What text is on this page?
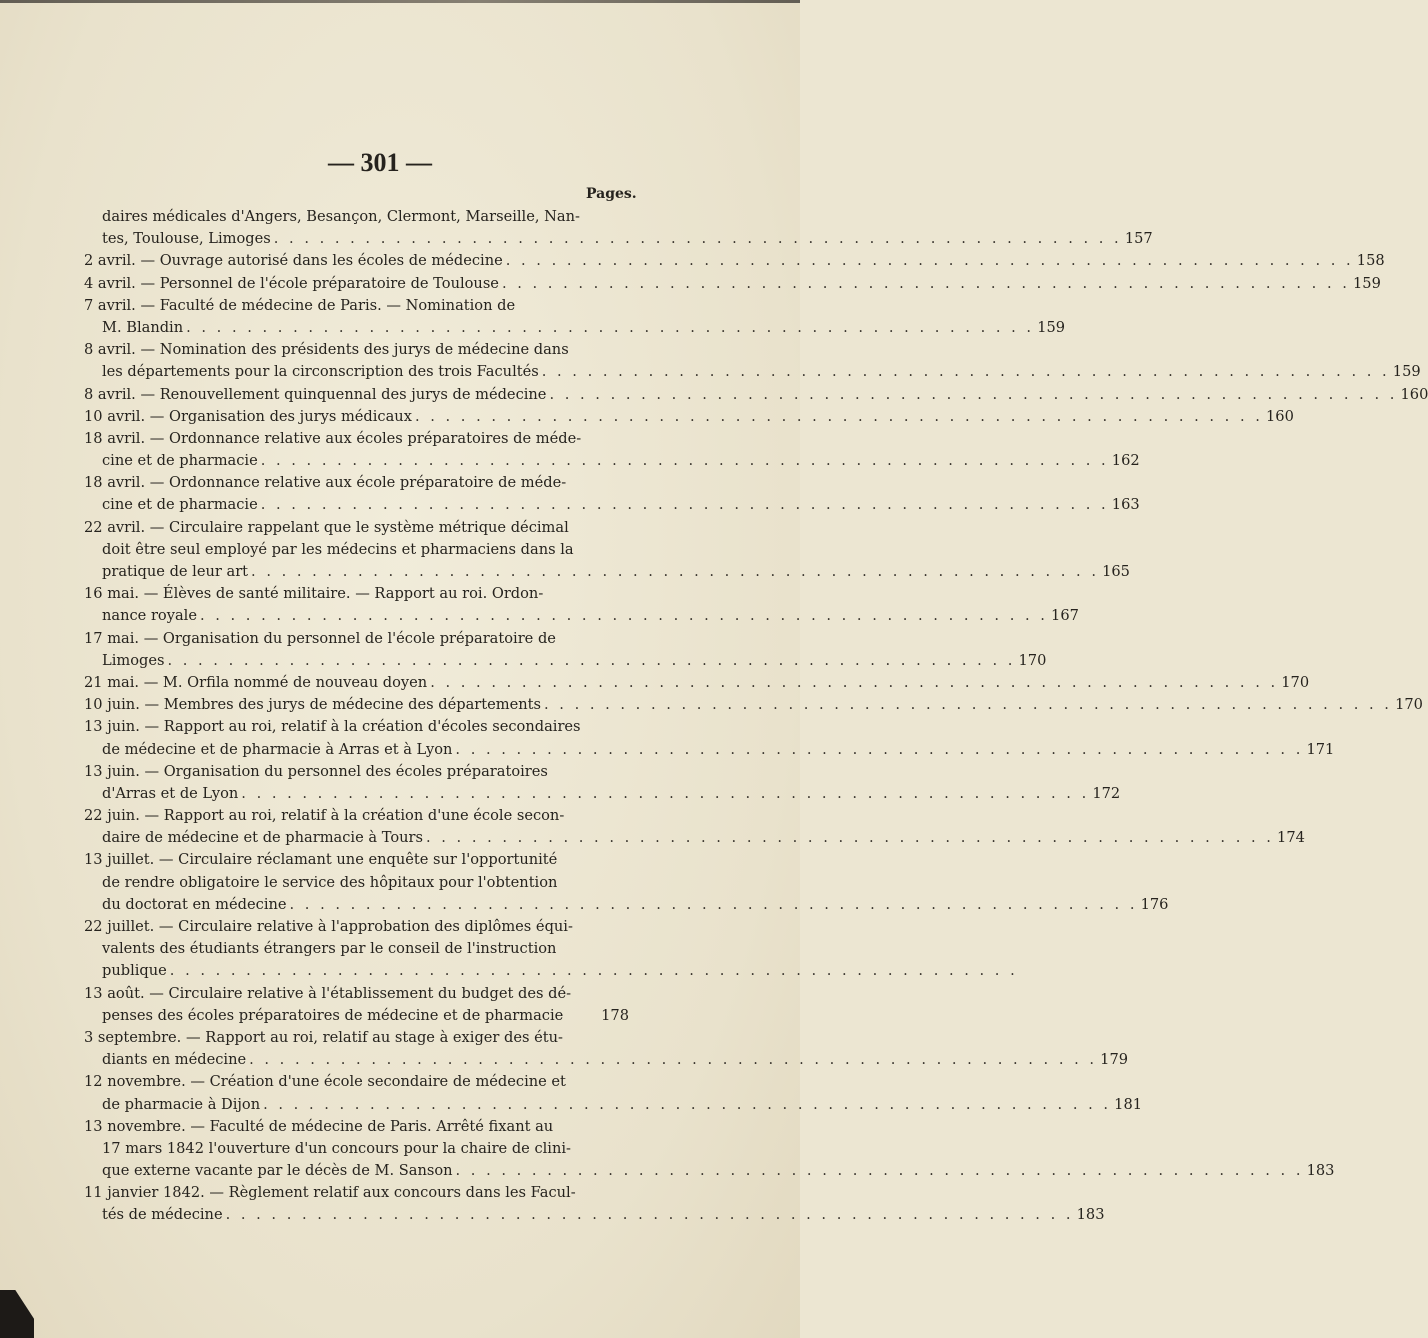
— 301 —
Pages.
daires médicales d'Angers, Besançon, Clermont, Marseille, Nan-
tes, Toulouse, Limoges . . .	157
2 avril. — Ouvrage autorisé dans les écoles de médecine . . .	158
4 avril. — Personnel de l'école préparatoire de Toulouse . . .	159
7 avril. — Faculté de médecine de Paris. — Nomination de
M. Blandin . . .	159
8 avril. — Nomination des présidents des jurys de médecine dans
les départements pour la circonscription des trois Facultés . . .	159
8 avril. — Renouvellement quinquennal des jurys de médecine . . .	160
10 avril. — Organisation des jurys médicaux . . .	160
18 avril. — Ordonnance relative aux écoles préparatoires de méde-
cine et de pharmacie . . .	162
18 avril. — Ordonnance relative aux école préparatoire de méde-
cine et de pharmacie . . .	163
22 avril. — Circulaire rappelant que le système métrique décimal
doit être seul employé par les médecins et pharmaciens dans la
pratique de leur art . . .	165
16 mai. — Élèves de santé militaire. — Rapport au roi. Ordon-
nance royale . . .	167
17 mai. — Organisation du personnel de l'école préparatoire de
Limoges . . .	170
21 mai. — M. Orfila nommé de nouveau doyen . . .	170
10 juin. — Membres des jurys de médecine des départements . . .	170
13 juin. — Rapport au roi, relatif à la création d'écoles secondaires
de médecine et de pharmacie à Arras et à Lyon . . .	171
13 juin. — Organisation du personnel des écoles préparatoires
d'Arras et de Lyon . . .	172
22 juin. — Rapport au roi, relatif à la création d'une école secon-
daire de médecine et de pharmacie à Tours . . .	174
13 juillet. — Circulaire réclamant une enquête sur l'opportunité
de rendre obligatoire le service des hôpitaux pour l'obtention
du doctorat en médecine . . .	176
22 juillet. — Circulaire relative à l'approbation des diplômes équi-
valents des étudiants étrangers par le conseil de l'instruction
publique
. . .
13 août. — Circulaire relative à l'établissement du budget des dé-
penses des écoles préparatoires de médecine et de pharmacie	178
3 septembre. — Rapport au roi, relatif au stage à exiger des étu-
diants en médecine . . .	179
12 novembre. — Création d'une école secondaire de médecine et
de pharmacie à Dijon . . .	181
13 novembre. — Faculté de médecine de Paris. Arrêté fixant au
17 mars 1842 l'ouverture d'un concours pour la chaire de clini-
que externe vacante par le décès de M. Sanson . . .	183
11 janvier 1842. — Règlement relatif aux concours dans les Facul-
tés de médecine . . .	183
